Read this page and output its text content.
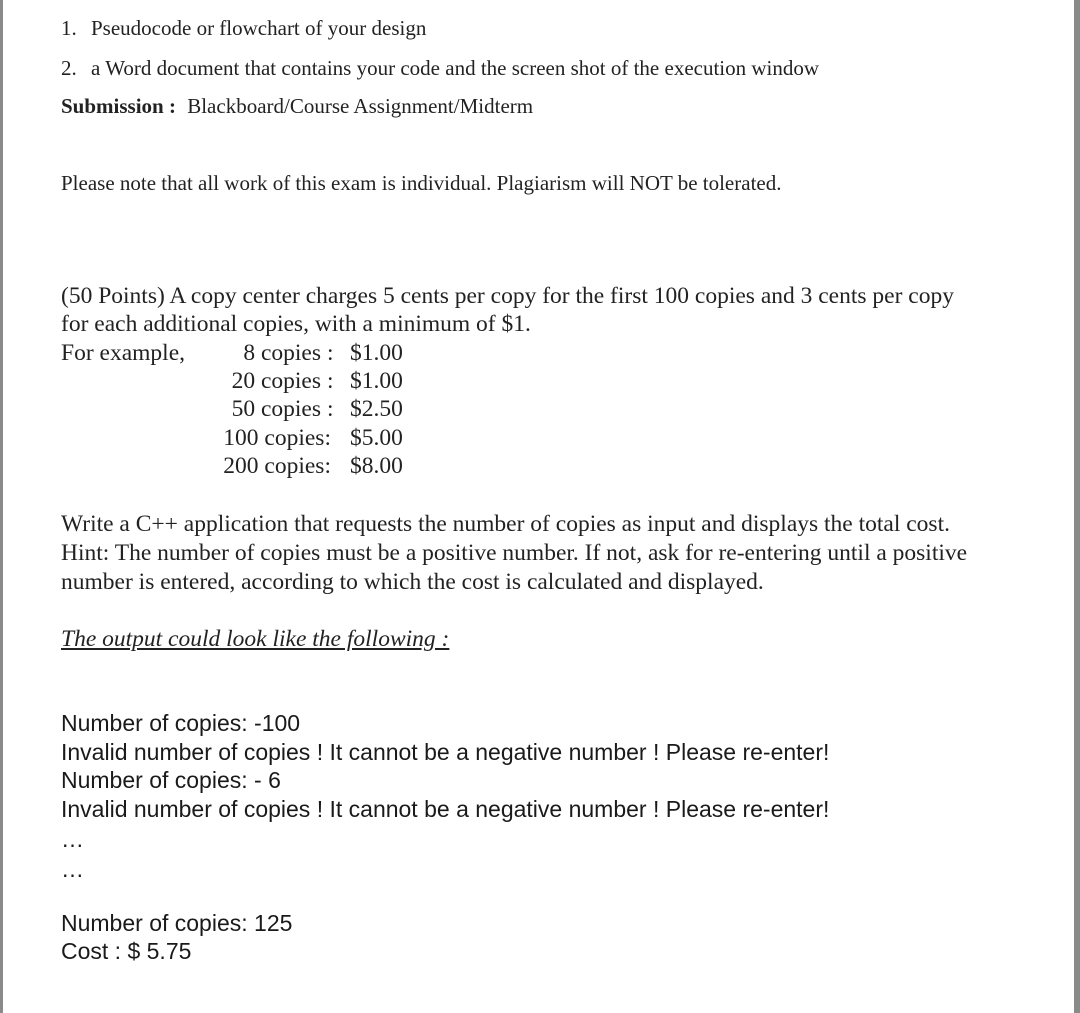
1. Pseudocode or flowchart of your design
2. a Word document that contains your code and the screen shot of the execution window
Submission : Blackboard/Course Assignment/Midterm
Please note that all work of this exam is individual. Plagiarism will NOT be tolerated.
(50 Points) A copy center charges 5 cents per copy for the first 100 copies and 3 cents per copy
for each additional copies, with a minimum of $1.
For example, 8 copies : $1.00
20 copies : $1.00
50 copies : $2.50
100 copies: $5.00
200 copies: $8.00
Write a C++ application that requests the number of copies as input and displays the total cost.
Hint: The number of copies must be a positive number. If not, ask for re-entering until a positive
number is entered, according to which the cost is calculated and displayed.
The output could look like the following :
Number of copies: -100
Invalid number of copies ! It cannot be a negative number ! Please re-enter!
Number of copies: - 6
Invalid number of copies ! It cannot be a negative number ! Please re-enter!
…
…
Number of copies: 125
Cost : $ 5.75
